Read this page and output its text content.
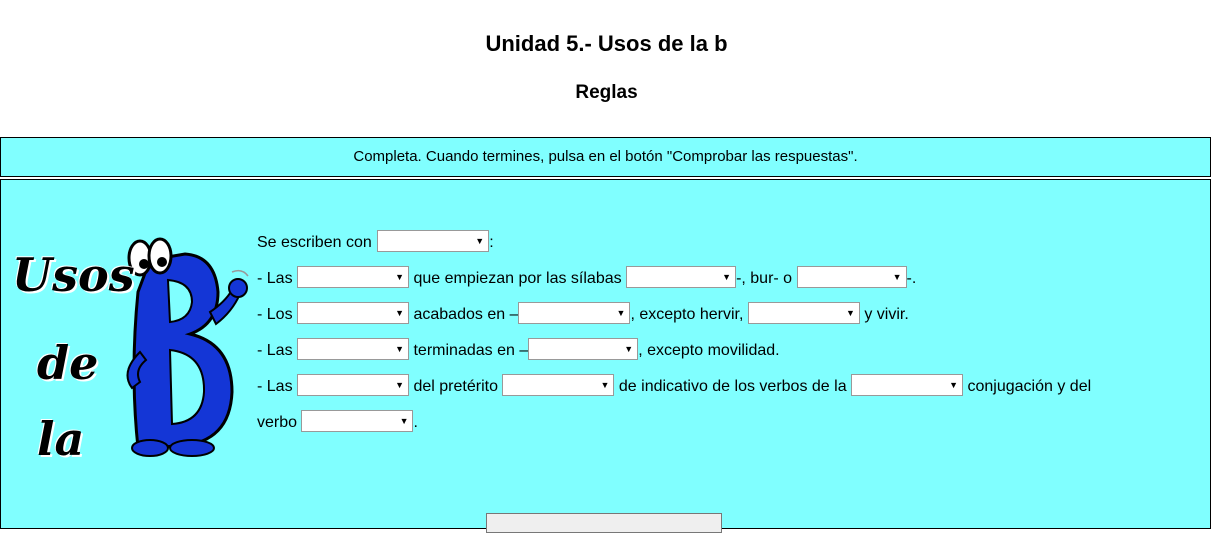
Unidad 5.- Usos de la b
Reglas
Completa. Cuando termines, pulsa en el botón "Comprobar las respuestas".
Usos
de
la
Se escriben con	▼ :
- Las	▼ que empiezan por las sílabas	▼ -, bur- o	▼ -.
- Los	▼ acabados en –	▼ , excepto hervir,	▼ y vivir.
- Las	▼ terminadas en –	▼ , excepto movilidad.
- Las	▼ del pretérito	▼ de indicativo de los verbos de la	▼ conjugación y del
verbo	▼ .
